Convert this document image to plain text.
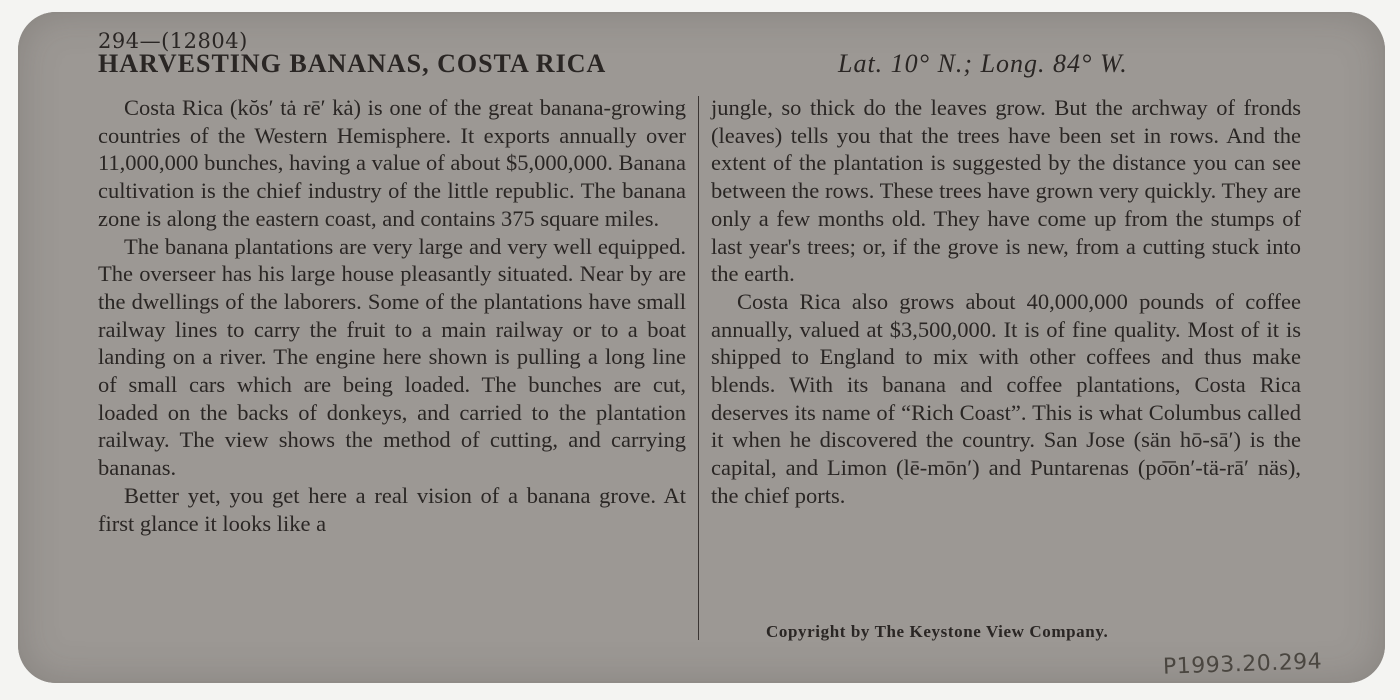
294—(12804)
HARVESTING BANANAS, COSTA RICA	Lat. 10° N.; Long. 84° W.

Costa Rica (kŏs′ tȧ rē′ kȧ) is one of the great banana-growing countries of the Western Hemisphere. It exports annually over 11,000,000 bunches, having a value of about $5,000,000. Banana cultivation is the chief industry of the little republic. The banana zone is along the eastern coast, and contains 375 square miles.

The banana plantations are very large and very well equipped. The overseer has his large house pleasantly situated. Near by are the dwellings of the laborers. Some of the plantations have small railway lines to carry the fruit to a main railway or to a boat landing on a river. The engine here shown is pulling a long line of small cars which are being loaded. The bunches are cut, loaded on the backs of donkeys, and carried to the plantation railway. The view shows the method of cutting, and carrying bananas.

Better yet, you get here a real vision of a banana grove. At first glance it looks like a

jungle, so thick do the leaves grow. But the archway of fronds (leaves) tells you that the trees have been set in rows. And the extent of the plantation is suggested by the distance you can see between the rows. These trees have grown very quickly. They are only a few months old. They have come up from the stumps of last year's trees; or, if the grove is new, from a cutting stuck into the earth.

Costa Rica also grows about 40,000,000 pounds of coffee annually, valued at $3,500,000. It is of fine quality. Most of it is shipped to England to mix with other coffees and thus make blends. With its banana and coffee plantations, Costa Rica deserves its name of “Rich Coast”. This is what Columbus called it when he discovered the country. San Jose (sän hō-sā′) is the capital, and Limon (lē-mōn′) and Puntarenas (po͞on′-tä-rā′ näs), the chief ports.

Copyright by The Keystone View Company.
P1993.20.294
